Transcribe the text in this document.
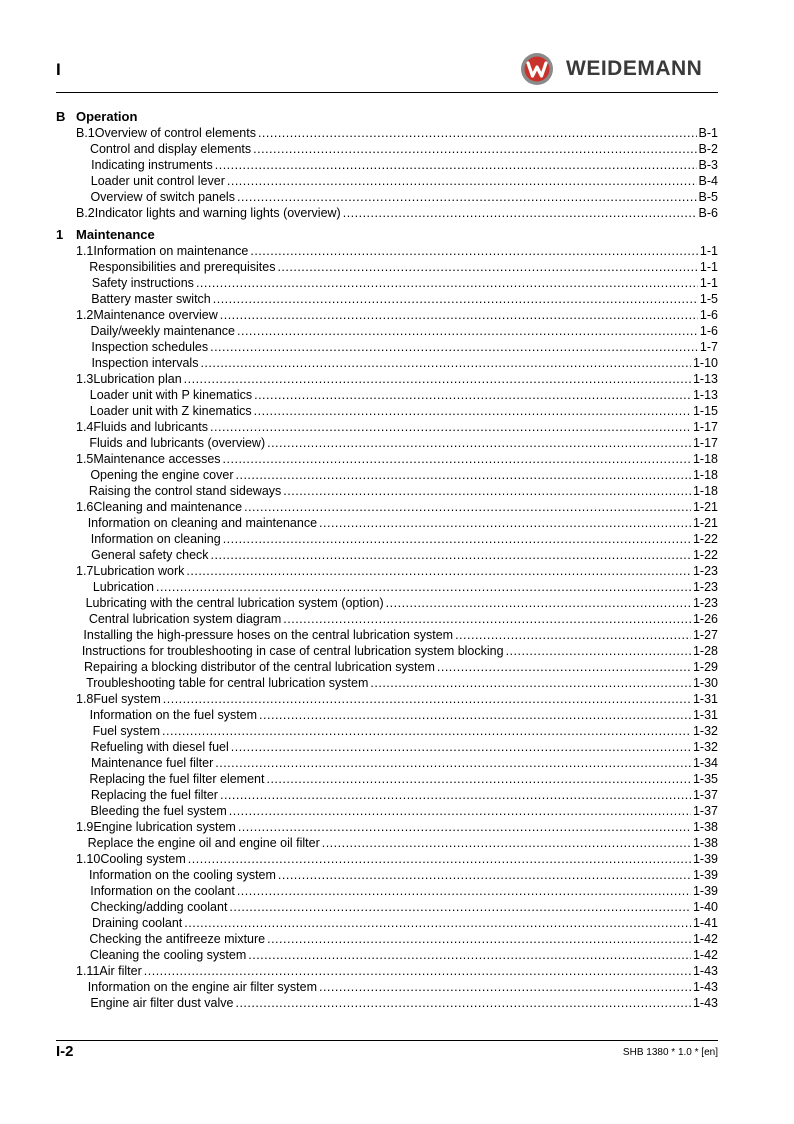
I	WEIDEMANN
B Operation
B.1 Overview of control elements .....	B-1
Control and display elements .....	B-2
Indicating instruments .....	B-3
Loader unit control lever .....	B-4
Overview of switch panels .....	B-5
B.2 Indicator lights and warning lights (overview) .....	B-6
1 Maintenance
1.1 Information on maintenance .....	1-1
Responsibilities and prerequisites .....	1-1
Safety instructions .....	1-1
Battery master switch .....	1-5
1.2 Maintenance overview .....	1-6
Daily/weekly maintenance .....	1-6
Inspection schedules .....	1-7
Inspection intervals .....	1-10
1.3 Lubrication plan .....	1-13
Loader unit with P kinematics .....	1-13
Loader unit with Z kinematics .....	1-15
1.4 Fluids and lubricants .....	1-17
Fluids and lubricants (overview) .....	1-17
1.5 Maintenance accesses .....	1-18
Opening the engine cover .....	1-18
Raising the control stand sideways .....	1-18
1.6 Cleaning and maintenance .....	1-21
Information on cleaning and maintenance .....	1-21
Information on cleaning .....	1-22
General safety check .....	1-22
1.7 Lubrication work .....	1-23
Lubrication .....	1-23
Lubricating with the central lubrication system (option) .....	1-23
Central lubrication system diagram .....	1-26
Installing the high-pressure hoses on the central lubrication system .....	1-27
Instructions for troubleshooting in case of central lubrication system blocking .....	1-28
Repairing a blocking distributor of the central lubrication system .....	1-29
Troubleshooting table for central lubrication system .....	1-30
1.8 Fuel system .....	1-31
Information on the fuel system .....	1-31
Fuel system .....	1-32
Refueling with diesel fuel .....	1-32
Maintenance fuel filter .....	1-34
Replacing the fuel filter element .....	1-35
Replacing the fuel filter .....	1-37
Bleeding the fuel system .....	1-37
1.9 Engine lubrication system .....	1-38
Replace the engine oil and engine oil filter .....	1-38
1.10 Cooling system .....	1-39
Information on the cooling system .....	1-39
Information on the coolant .....	1-39
Checking/adding coolant .....	1-40
Draining coolant .....	1-41
Checking the antifreeze mixture .....	1-42
Cleaning the cooling system .....	1-42
1.11 Air filter .....	1-43
Information on the engine air filter system .....	1-43
Engine air filter dust valve .....	1-43
I-2	SHB 1380 * 1.0 * [en]
